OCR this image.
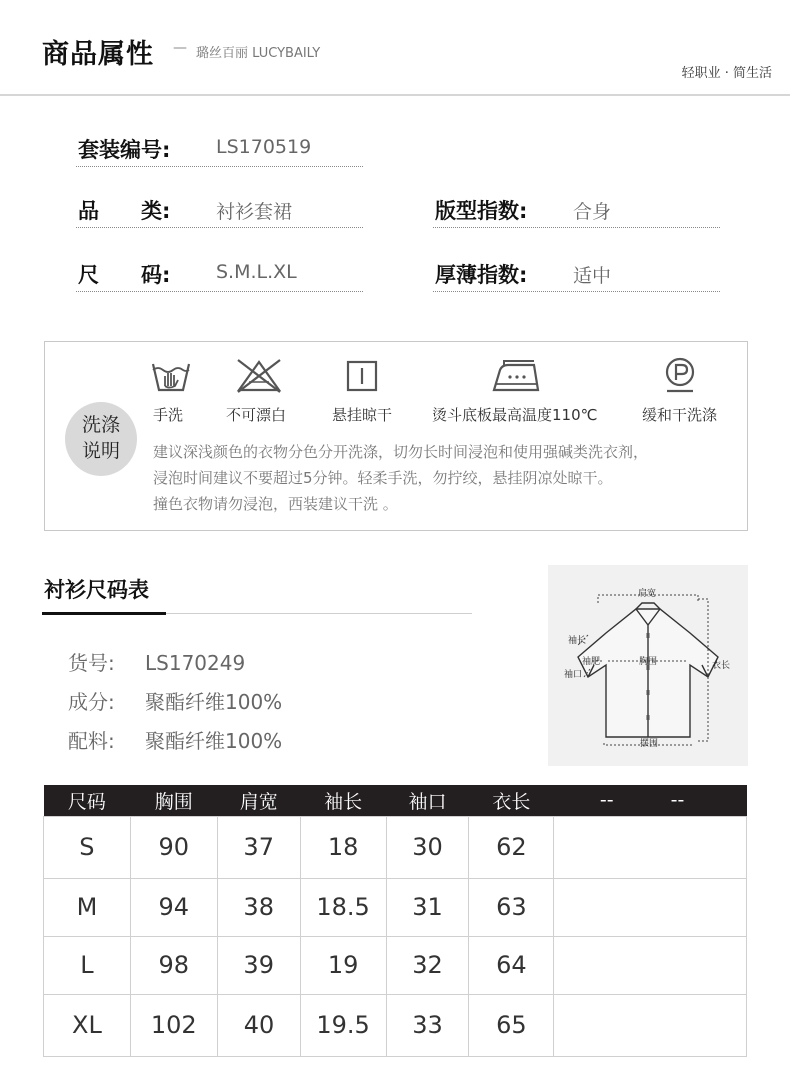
商品属性 — 璐丝百丽 LUCYBAILY
轻职业 · 简生活
套装编号: LS170519
品　　类: 衬衫套裙
尺　　码: S.M.L.XL
版型指数: 合身
厚薄指数: 适中
洗涤
说明
手洗	不可漂白	悬挂晾干	烫斗底板最高温度110℃	缓和干洗涤
建议深浅颜色的衣物分色分开洗涤，切勿长时间浸泡和使用强碱类洗衣剂，
浸泡时间建议不要超过5分钟。轻柔手洗，勿拧绞，悬挂阴凉处晾干。
撞色衣物请勿浸泡，西装建议干洗 。
衬衫尺码表
货号: LS170249
成分: 聚酯纤维100%
配料: 聚酯纤维100%
肩宽
袖长
袖肥
袖口
胸围	衣长
摆围
尺码	胸围	肩宽	袖长	袖口	衣长	--	--
S	90	37	18	30	62		
M	94	38	18.5	31	63		
L	98	39	19	32	64		
XL	102	40	19.5	33	65		
